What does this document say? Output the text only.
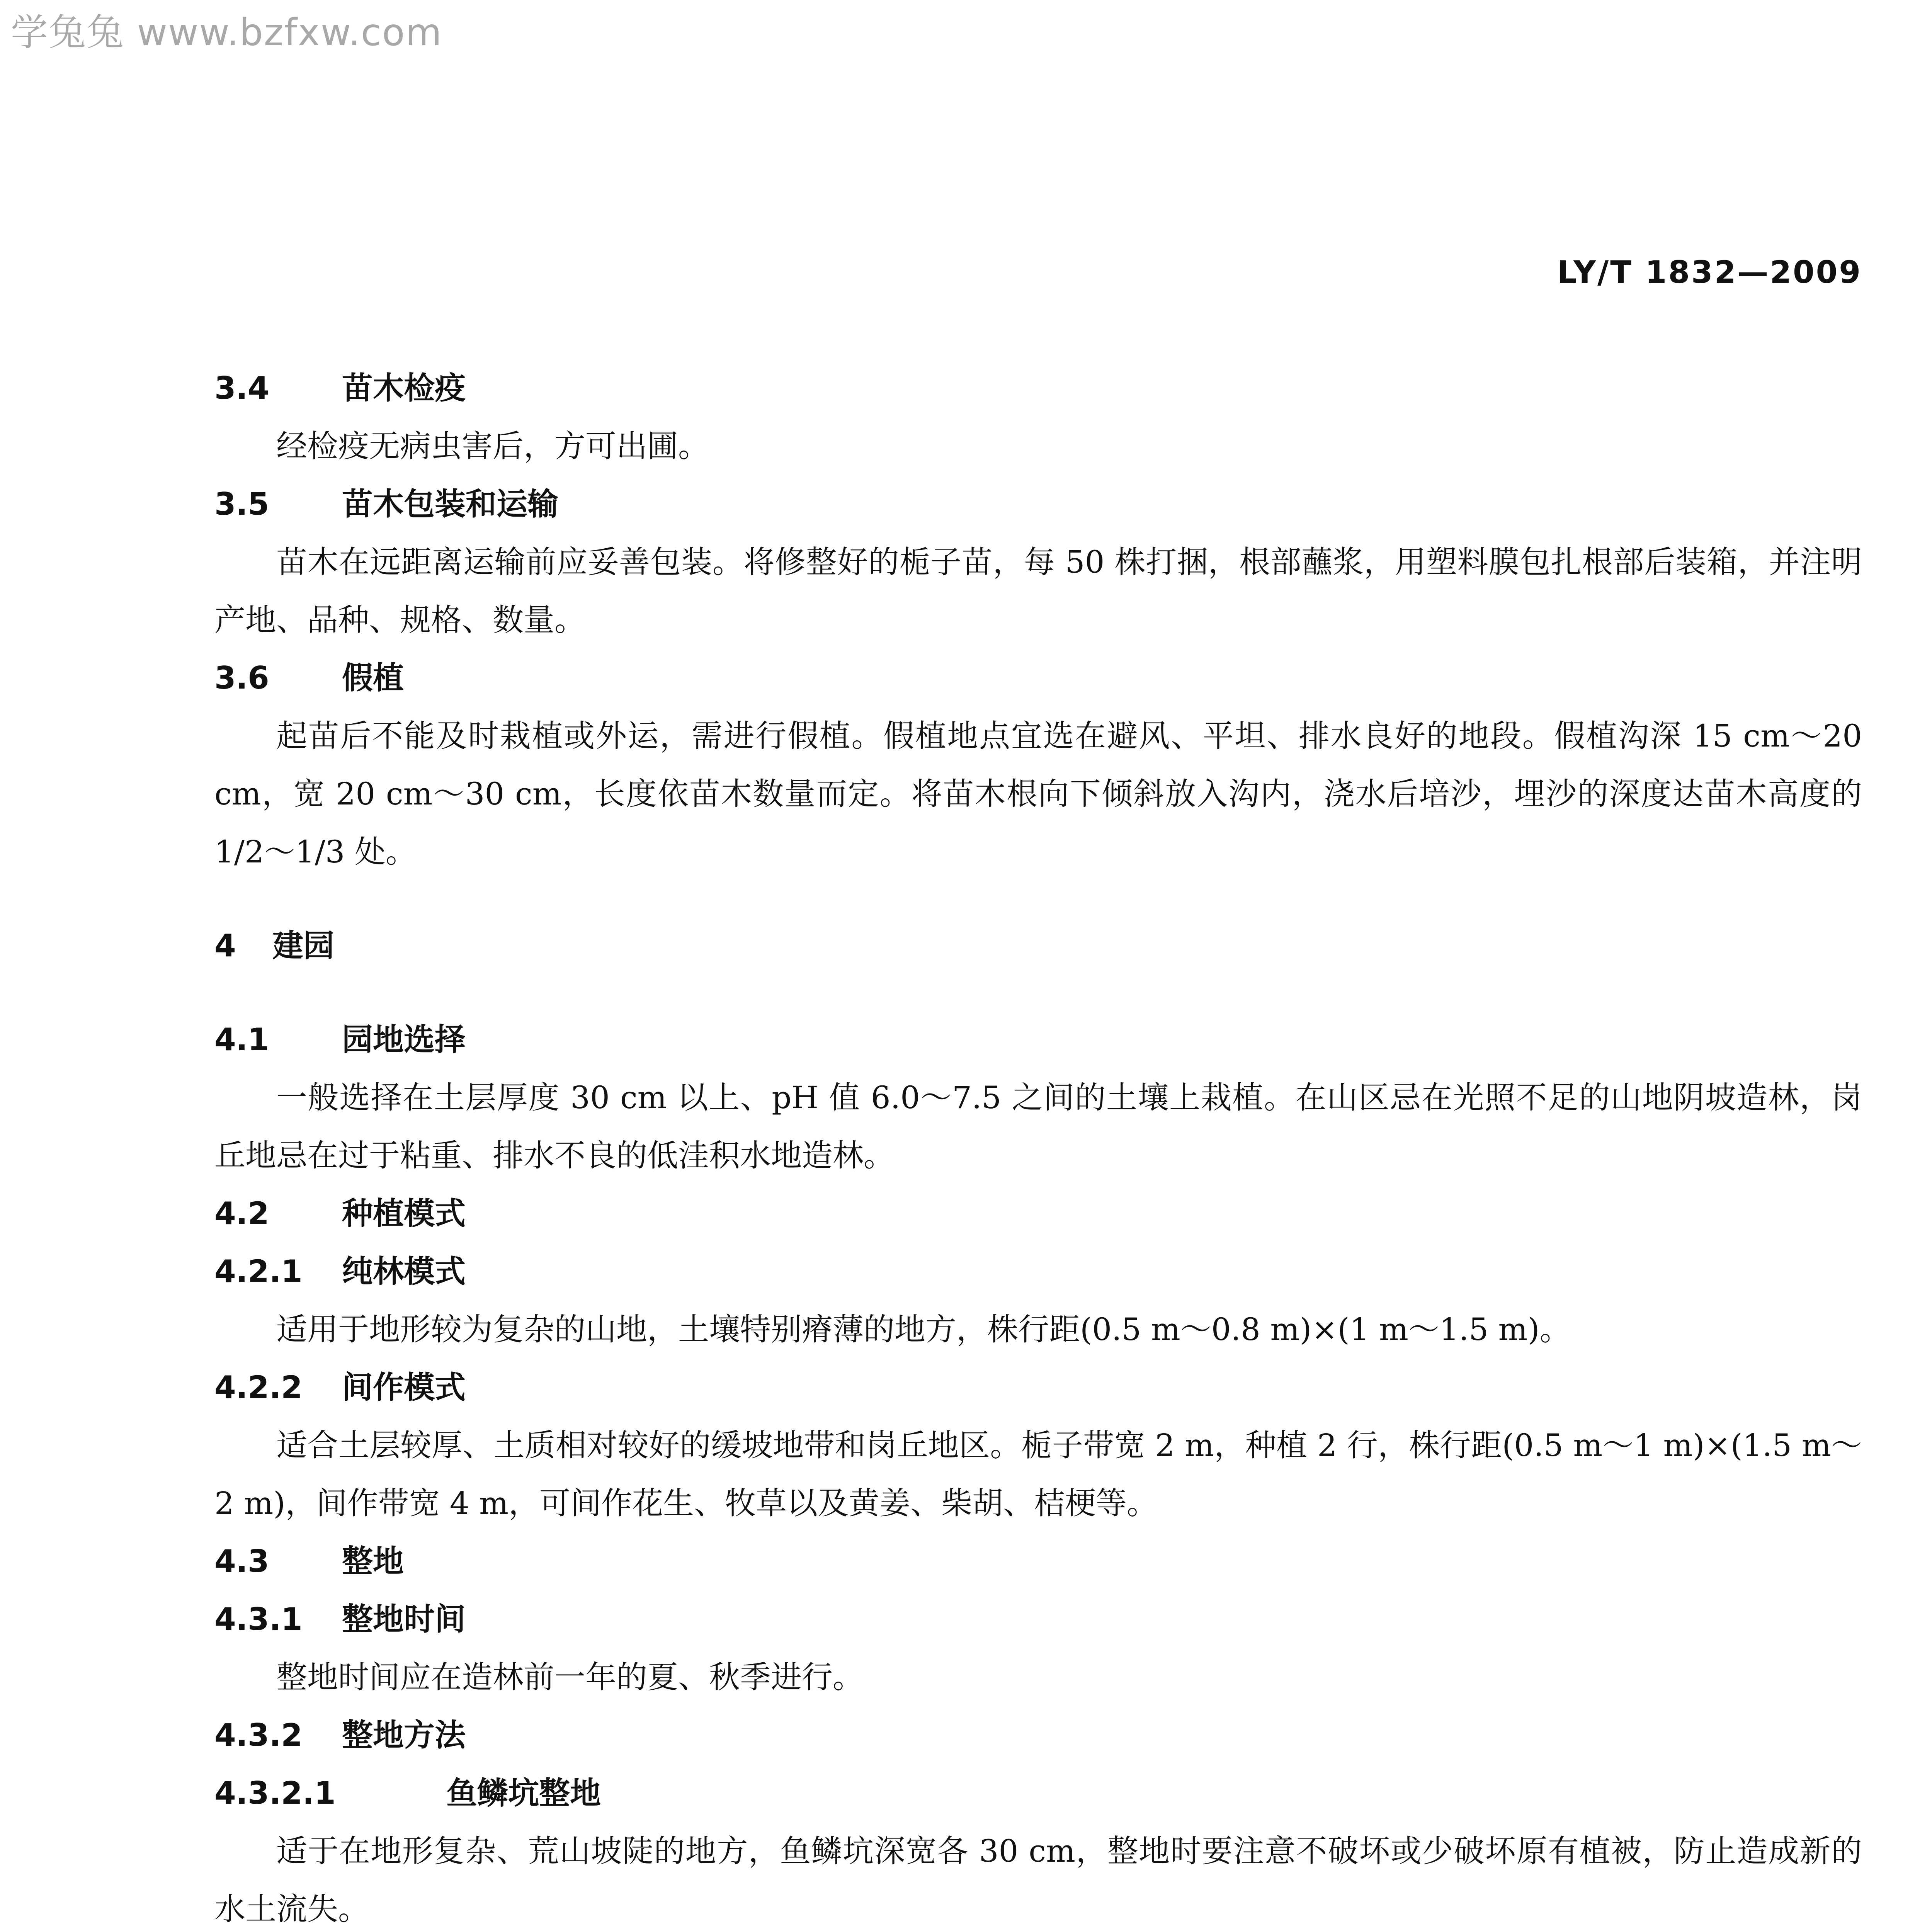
学兔兔 www.bzfxw.com
LY/T 1832—2009
3.4 苗木检疫
经检疫无病虫害后，方可出圃。
3.5 苗木包装和运输
苗木在远距离运输前应妥善包装。将修整好的栀子苗，每 50 株打捆，根部蘸浆，用塑料膜包扎根部后装箱，并注明产地、品种、规格、数量。
3.6 假植
起苗后不能及时栽植或外运，需进行假植。假植地点宜选在避风、平坦、排水良好的地段。假植沟深 15 cm～20 cm，宽 20 cm～30 cm，长度依苗木数量而定。将苗木根向下倾斜放入沟内，浇水后培沙，埋沙的深度达苗木高度的 1/2～1/3 处。
4 建园
4.1 园地选择
一般选择在土层厚度 30 cm 以上、pH 值 6.0～7.5 之间的土壤上栽植。在山区忌在光照不足的山地阴坡造林，岗丘地忌在过于粘重、排水不良的低洼积水地造林。
4.2 种植模式
4.2.1 纯林模式
适用于地形较为复杂的山地，土壤特别瘠薄的地方，株行距(0.5 m～0.8 m)×(1 m～1.5 m)。
4.2.2 间作模式
适合土层较厚、土质相对较好的缓坡地带和岗丘地区。栀子带宽 2 m，种植 2 行，株行距(0.5 m～1 m)×(1.5 m～2 m)，间作带宽 4 m，可间作花生、牧草以及黄姜、柴胡、桔梗等。
4.3 整地
4.3.1 整地时间
整地时间应在造林前一年的夏、秋季进行。
4.3.2 整地方法
4.3.2.1	鱼鳞坑整地
适于在地形复杂、荒山坡陡的地方，鱼鳞坑深宽各 30 cm，整地时要注意不破坏或少破坏原有植被，防止造成新的水土流失。
